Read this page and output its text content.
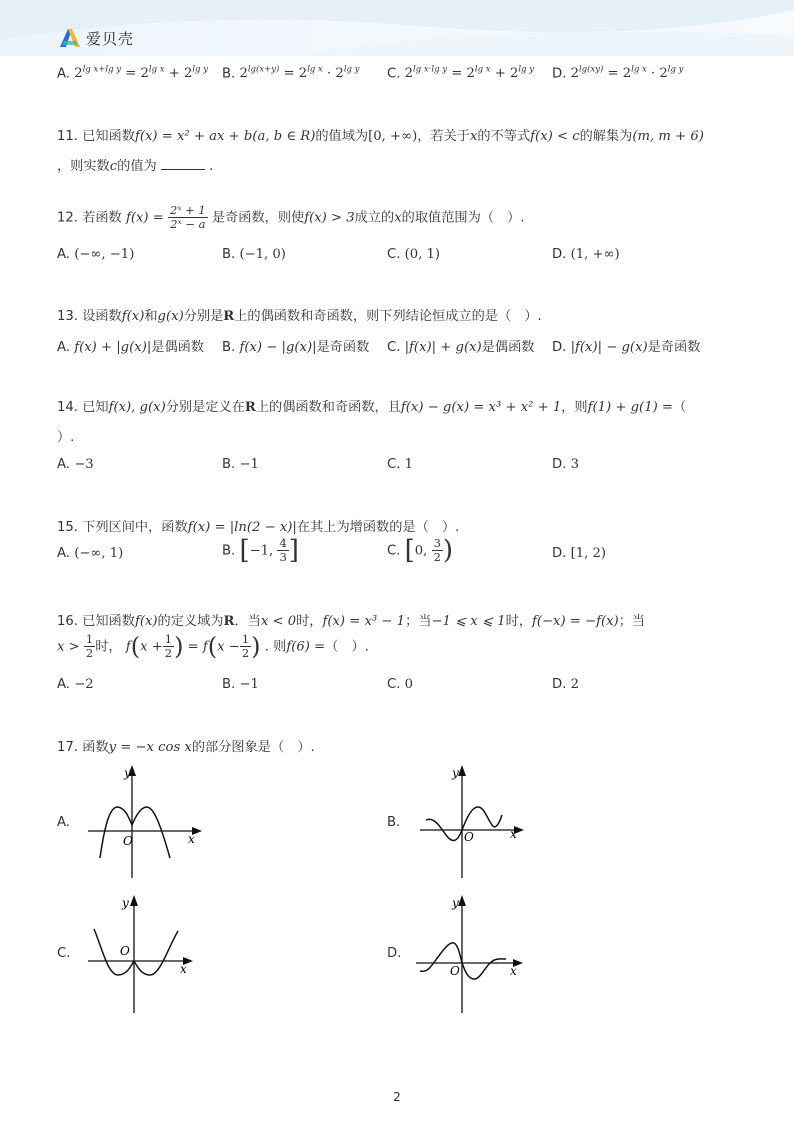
爱贝壳
A. $2^{lg x+lg y} = 2^{lg x} + 2^{lg y}$ B. $2^{lg(x+y)} = 2^{lg x} \cdot 2^{lg y}$ C. $2^{lg x\cdot lg y} = 2^{lg x} + 2^{lg y}$ D. $2^{lg(xy)} = 2^{lg x} \cdot 2^{lg y}$
11. 已知函数f(x) = x² + ax + b(a, b ∈ R)的值域为[0, +∞)，若关于x的不等式f(x) < c的解集为(m, m + 6)
，则实数c的值为	.
12. 若函数 $f(x) = \frac{\text{2ˣ + 1}}{\text{2ˣ − a}}$ 是奇函数，则使f(x) > 3成立的x的取值范围为（　）.
A. (−∞, −1)	B. (−1, 0)	C. (0, 1)	D. (1, +∞)
13. 设函数f(x)和g(x)分别是R上的偶函数和奇函数，则下列结论恒成立的是（　）.
A. f(x) + |g(x)|是偶函数 B. f(x) − |g(x)|是奇函数 C. |f(x)| + g(x)是偶函数 D. |f(x)| − g(x)是奇函数
14. 已知f(x), g(x)分别是定义在R上的偶函数和奇函数，且f(x) − g(x) = x³ + x² + 1，则f(1) + g(1) =（
）.
A. −3	B. −1	C. 1	D. 3
15. 下列区间中，函数f(x) = |ln(2 − x)|在其上为增函数的是（　）.
A. (−∞, 1)	B. [−1, $\frac{4}{3}$ ]	C. [0, $\frac{3}{2}$ )	D. [1, 2)
16. 已知函数f(x)的定义域为R．当x < 0时，f(x) = x³ − 1；当−1 ⩽ x ⩽ 1时，f(−x) = −f(x)；当
$x > \frac{1}{2}$ 时， $f(x + \frac{1}{2}$ ) = $f(x - \frac{1}{2}$ ) . 则f(6) =（　）.
A. −2	B. −1	C. 0	D. 2
17. 函数y = −x cos x的部分图象是（　）.
A.
y
x
O
B.
y
x
O
C.
y
x
O	D.
y
x
O
2
